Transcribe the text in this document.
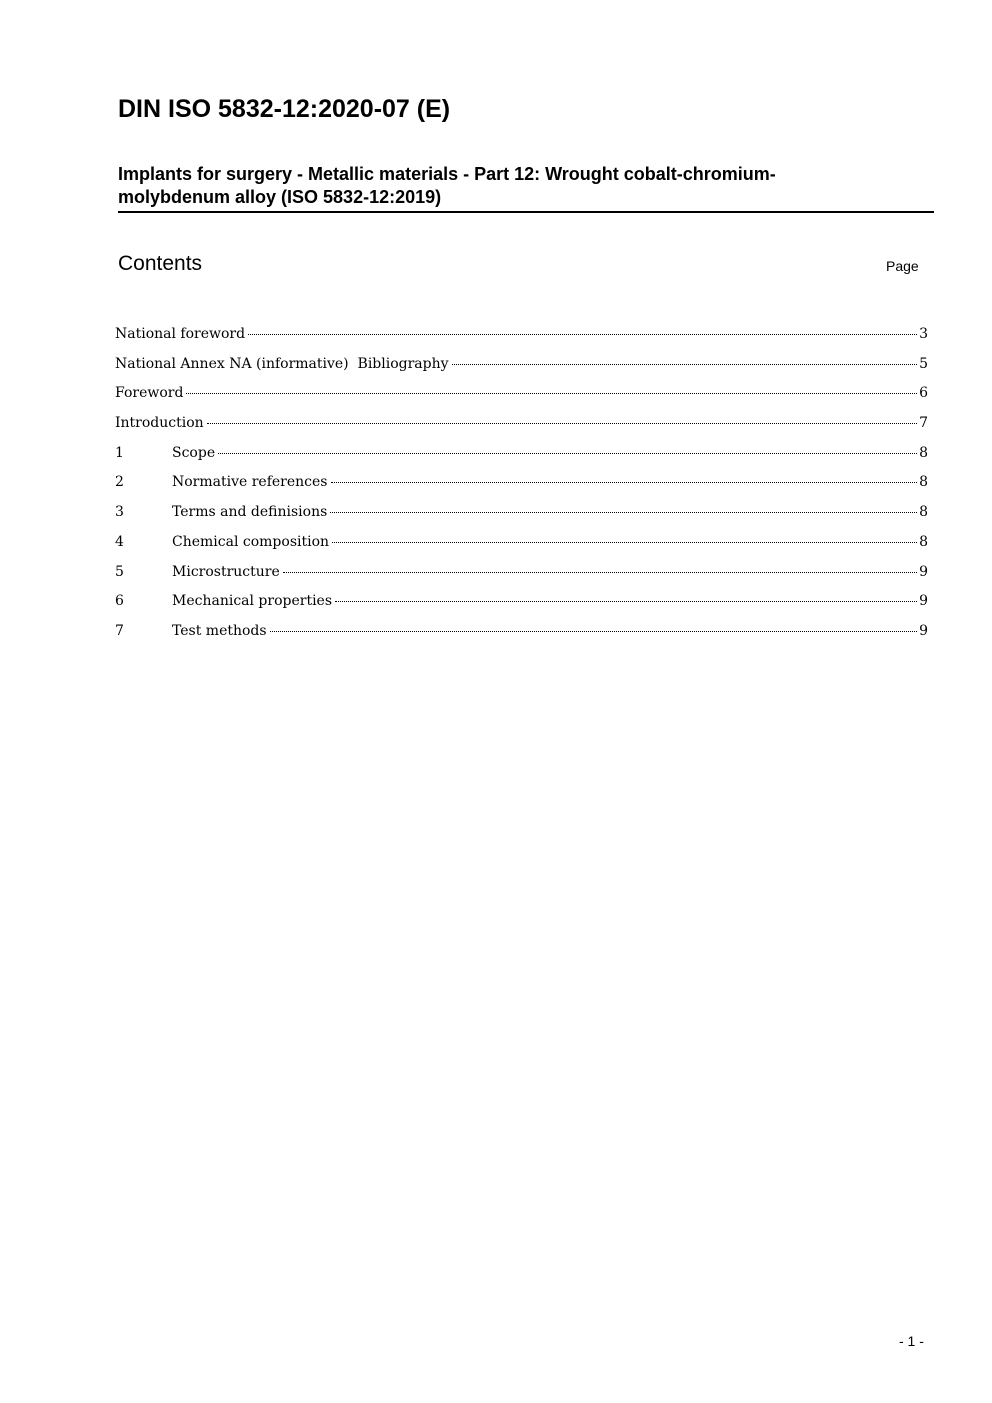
DIN ISO 5832-12:2020-07 (E)
Implants for surgery - Metallic materials - Part 12: Wrought cobalt-chromium-
molybdenum alloy (ISO 5832-12:2019)
Contents	Page
National foreword	3
National Annex NA (informative)  Bibliography	5
Foreword	6
Introduction	7
1	Scope	8
2	Normative references	8
3	Terms and definisions	8
4	Chemical composition	8
5	Microstructure	9
6	Mechanical properties	9
7	Test methods	9
- 1 -
